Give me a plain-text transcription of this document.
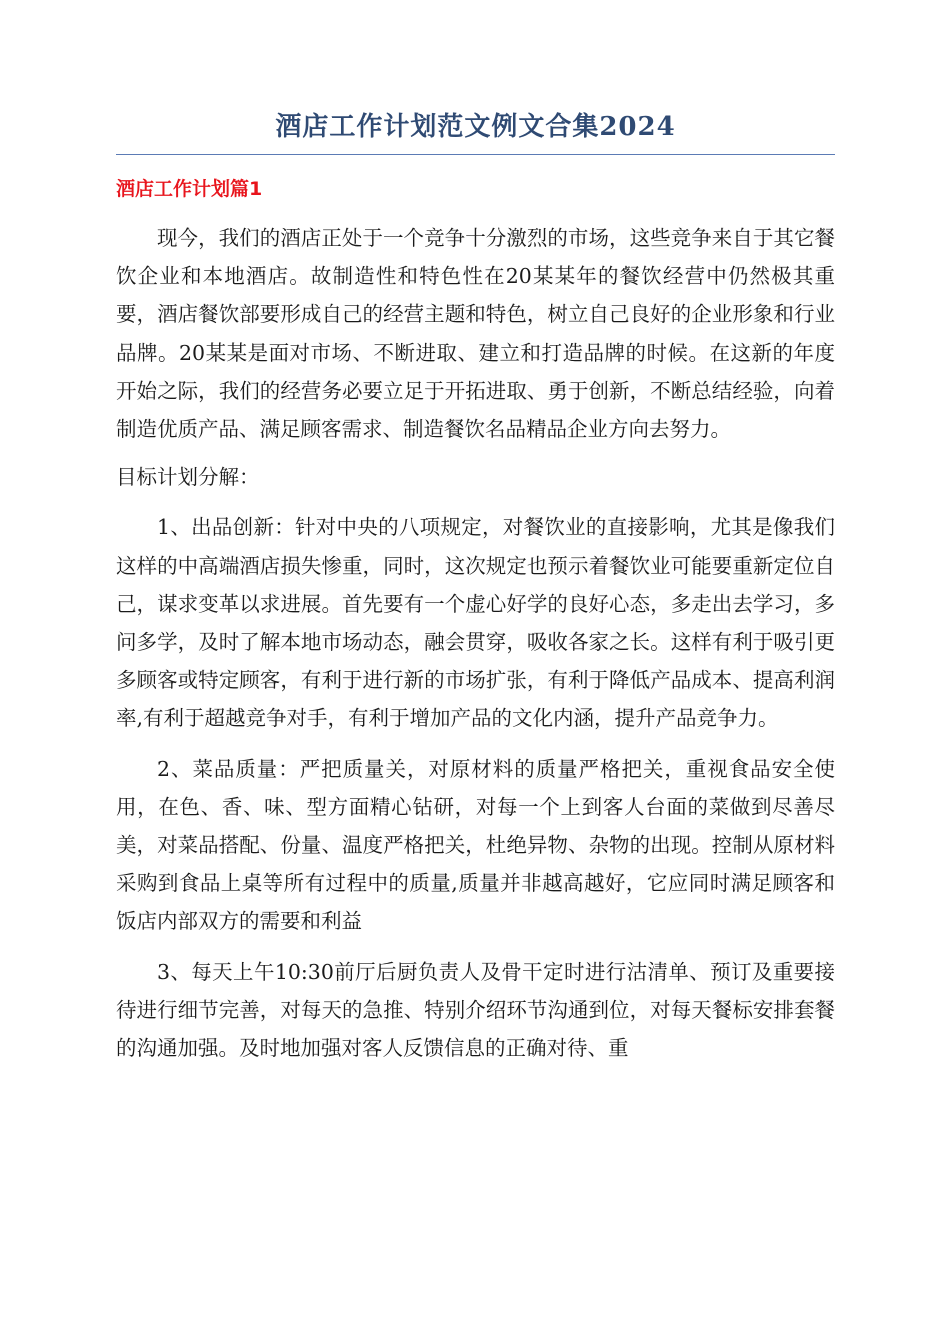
酒店工作计划范文例文合集2024
酒店工作计划篇1

现今，我们的酒店正处于一个竞争十分激烈的市场，这些竞争来自于其它餐饮企业和本地酒店。故制造性和特色性在20某某年的餐饮经营中仍然极其重要，酒店餐饮部要形成自己的经营主题和特色，树立自己良好的企业形象和行业品牌。20某某是面对市场、不断进取、建立和打造品牌的时候。在这新的年度开始之际，我们的经营务必要立足于开拓进取、勇于创新，不断总结经验，向着制造优质产品、满足顾客需求、制造餐饮名品精品企业方向去努力。

目标计划分解：

1、出品创新：针对中央的八项规定，对餐饮业的直接影响，尤其是像我们这样的中高端酒店损失惨重，同时，这次规定也预示着餐饮业可能要重新定位自己，谋求变革以求进展。首先要有一个虚心好学的良好心态，多走出去学习，多问多学，及时了解本地市场动态，融会贯穿，吸收各家之长。这样有利于吸引更多顾客或特定顾客，有利于进行新的市场扩张，有利于降低产品成本、提高利润率,有利于超越竞争对手，有利于增加产品的文化内涵，提升产品竞争力。

2、菜品质量：严把质量关，对原材料的质量严格把关，重视食品安全使用，在色、香、味、型方面精心钻研，对每一个上到客人台面的菜做到尽善尽美，对菜品搭配、份量、温度严格把关，杜绝异物、杂物的出现。控制从原材料采购到食品上桌等所有过程中的质量,质量并非越高越好，它应同时满足顾客和饭店内部双方的需要和利益

3、每天上午10:30前厅后厨负责人及骨干定时进行沽清单、预订及重要接待进行细节完善，对每天的急推、特别介绍环节沟通到位，对每天餐标安排套餐的沟通加强。及时地加强对客人反馈信息的正确对待、重
